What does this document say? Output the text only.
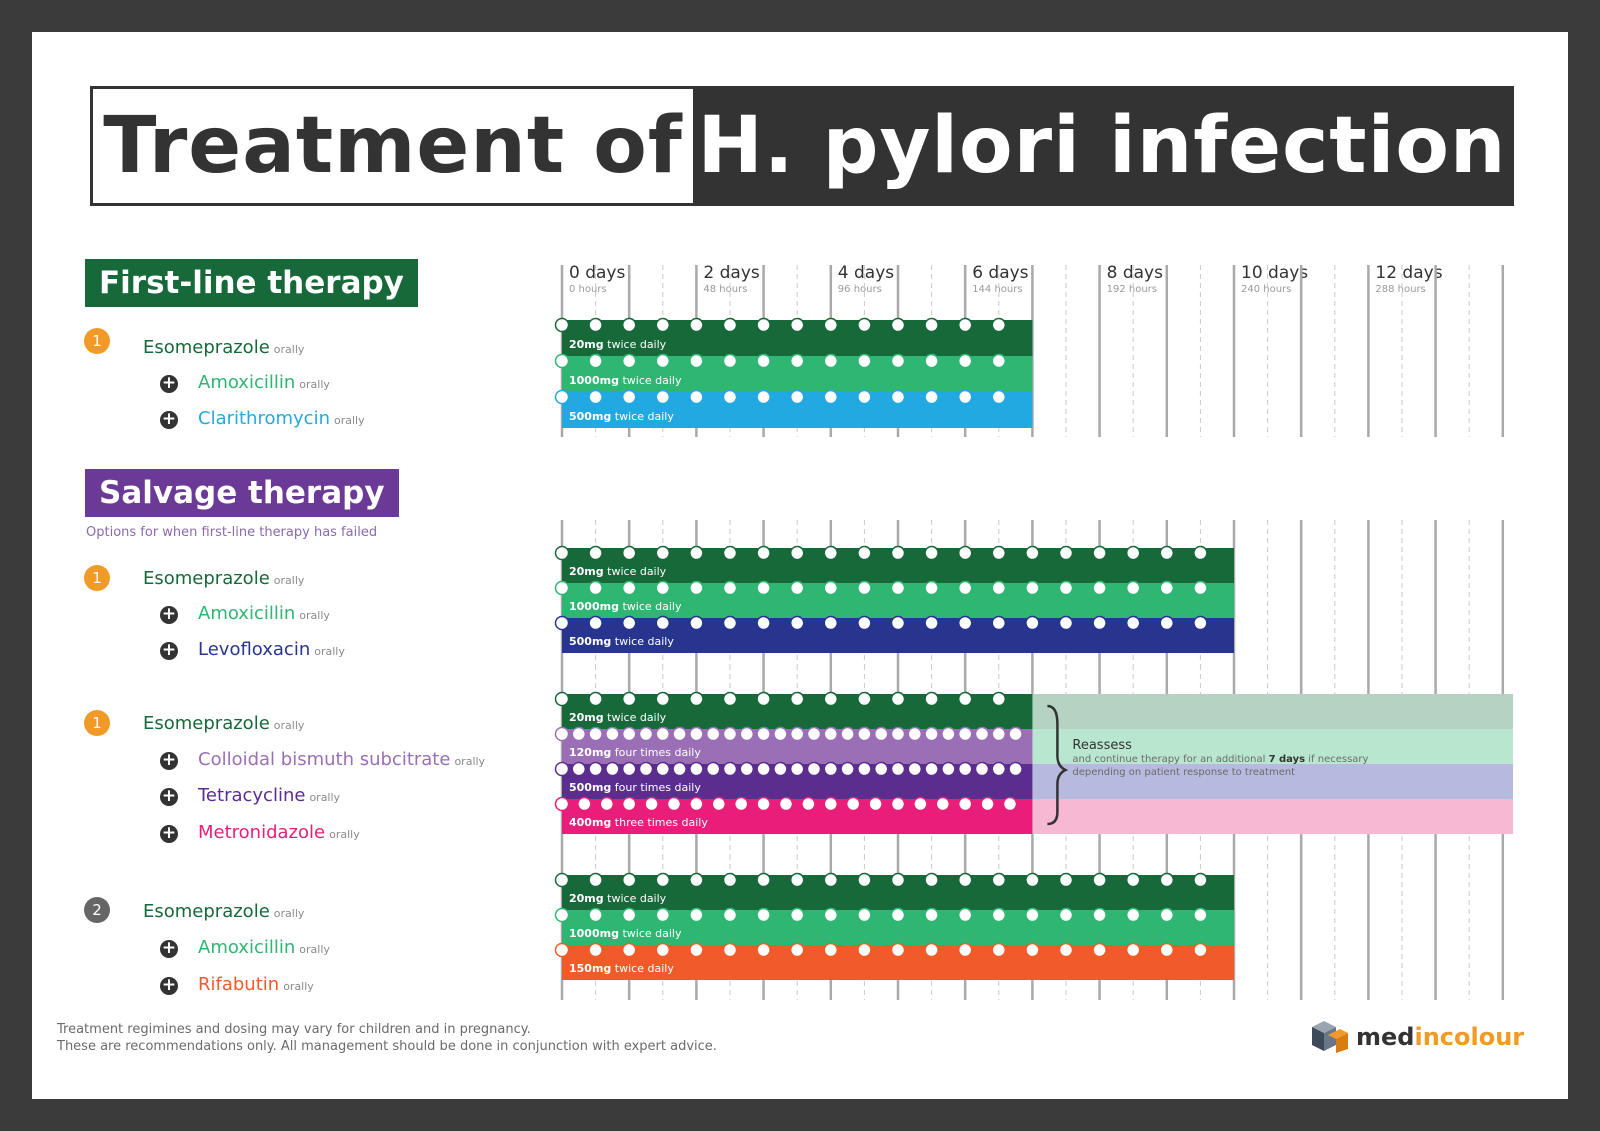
Treatment of H. pylori infection
First-line therapy
1	Esomeprazole orally
+ Amoxicillin orally
+ Clarithromycin orally
Salvage therapy
Options for when first-line therapy has failed
1	Esomeprazole orally
+ Amoxicillin orally
+ Levofloxacin orally
1	Esomeprazole orally
+ Colloidal bismuth subcitrate orally
+ Tetracycline orally
+ Metronidazole orally
2	Esomeprazole orally
+ Amoxicillin orally
+ Rifabutin orally
0 days
0 hours
2 days
48 hours
4 days
96 hours
6 days
144 hours
8 days
192 hours
10 days
240 hours
12 days
288 hours
20mg twice daily
1000mg twice daily
500mg twice daily
20mg twice daily
1000mg twice daily
500mg twice daily
20mg twice daily
120mg four times daily
500mg four times daily
400mg three times daily
Reassess
and continue therapy for an additional 7 days if necessary
depending on patient response to treatment
20mg twice daily
1000mg twice daily
150mg twice daily
Treatment regimines and dosing may vary for children and in pregnancy.
These are recommendations only. All management should be done in conjunction with expert advice.	medincolour
